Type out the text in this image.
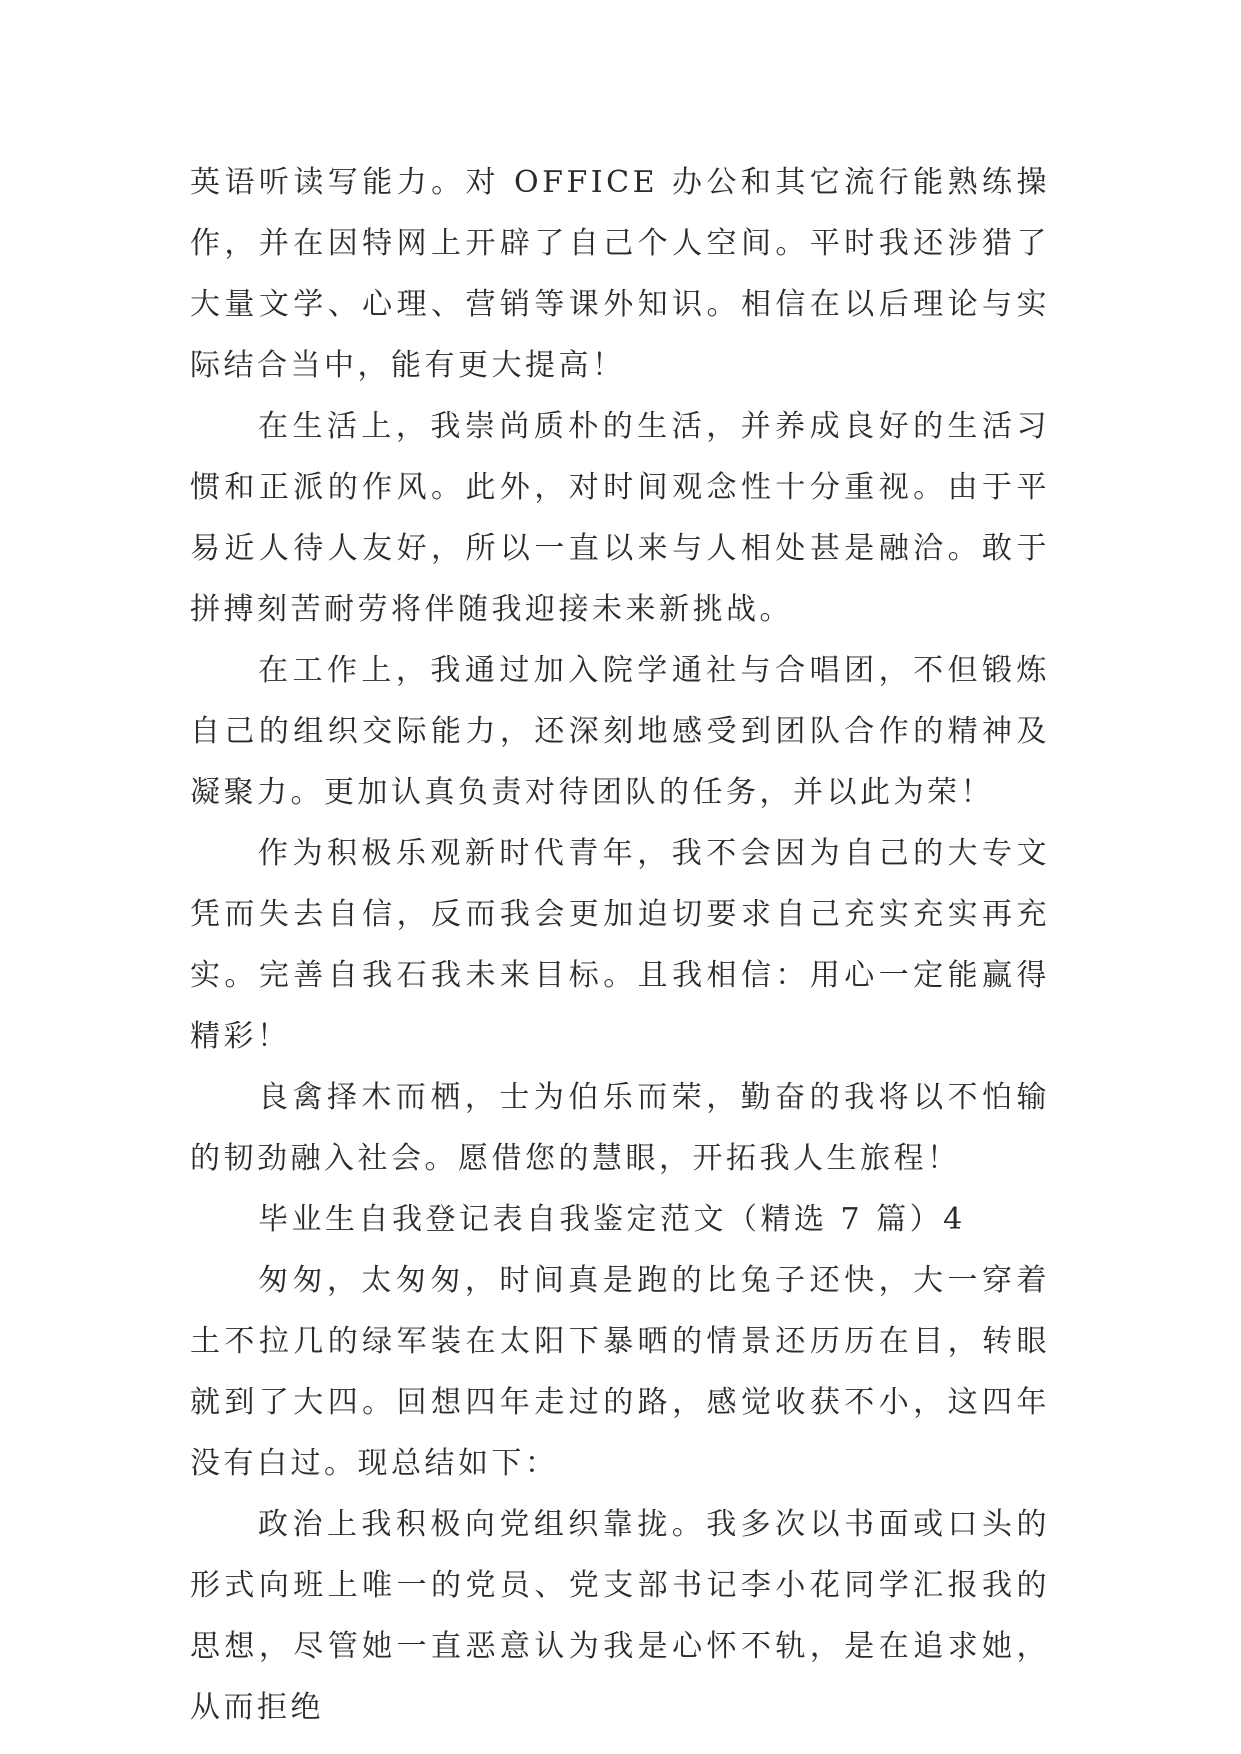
英语听读写能力。对 OFFICE 办公和其它流行能熟练操作，并在因特网上开辟了自己个人空间。平时我还涉猎了大量文学、心理、营销等课外知识。相信在以后理论与实际结合当中，能有更大提高！

在生活上，我崇尚质朴的生活，并养成良好的生活习惯和正派的作风。此外，对时间观念性十分重视。由于平易近人待人友好，所以一直以来与人相处甚是融洽。敢于拼搏刻苦耐劳将伴随我迎接未来新挑战。

在工作上，我通过加入院学通社与合唱团，不但锻炼自己的组织交际能力，还深刻地感受到团队合作的精神及凝聚力。更加认真负责对待团队的任务，并以此为荣！

作为积极乐观新时代青年，我不会因为自己的大专文凭而失去自信，反而我会更加迫切要求自己充实充实再充实。完善自我石我未来目标。且我相信：用心一定能赢得精彩！

良禽择木而栖，士为伯乐而荣，勤奋的我将以不怕输的韧劲融入社会。愿借您的慧眼，开拓我人生旅程！

毕业生自我登记表自我鉴定范文（精选 7 篇）4

匆匆，太匆匆，时间真是跑的比兔子还快，大一穿着土不拉几的绿军装在太阳下暴晒的情景还历历在目，转眼就到了大四。回想四年走过的路，感觉收获不小，这四年没有白过。现总结如下：

政治上我积极向党组织靠拢。我多次以书面或口头的形式向班上唯一的党员、党支部书记李小花同学汇报我的思想，尽管她一直恶意认为我是心怀不轨，是在追求她，从而拒绝
